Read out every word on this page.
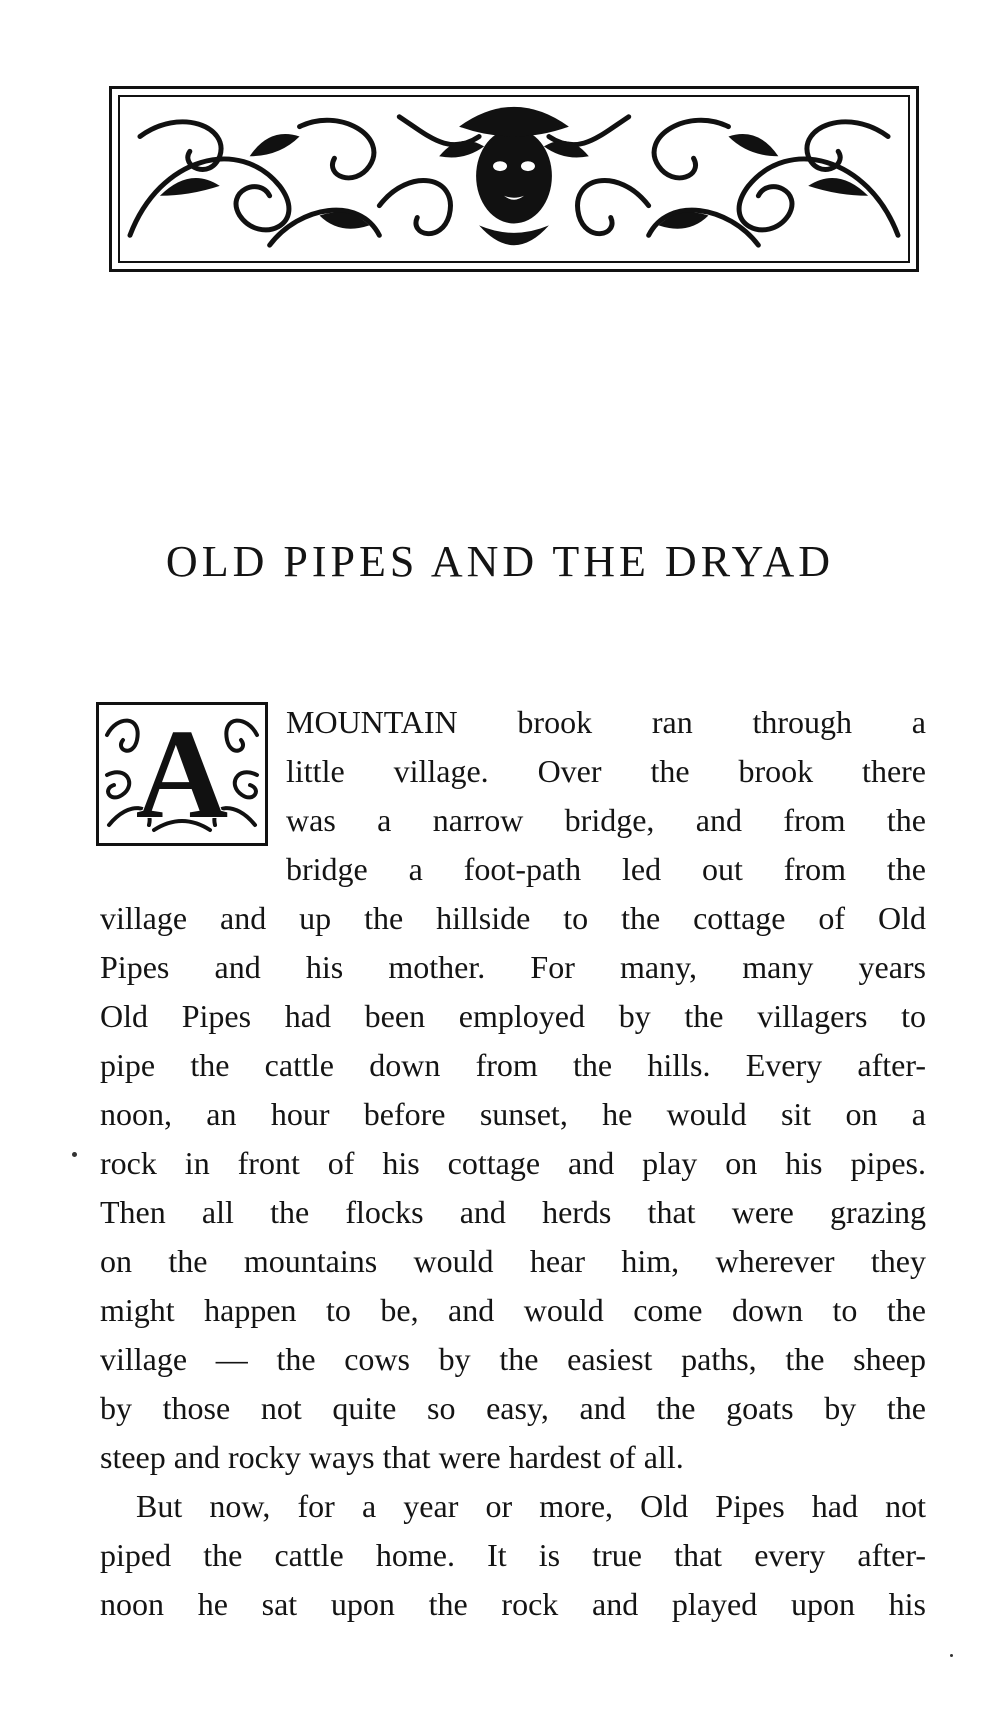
OLD PIPES AND THE DRYAD
A	MOUNTAIN brook ran through a
little village. Over the brook there
was a narrow bridge, and from the
bridge a foot-path led out from the
village and up the hillside to the cottage of Old
Pipes and his mother. For many, many years
Old Pipes had been employed by the villagers to
pipe the cattle down from the hills. Every after-
noon, an hour before sunset, he would sit on a
rock in front of his cottage and play on his pipes.
Then all the flocks and herds that were grazing
on the mountains would hear him, wherever they
might happen to be, and would come down to the
village — the cows by the easiest paths, the sheep
by those not quite so easy, and the goats by the
steep and rocky ways that were hardest of all.
But now, for a year or more, Old Pipes had not
piped the cattle home. It is true that every after-
noon he sat upon the rock and played upon his
